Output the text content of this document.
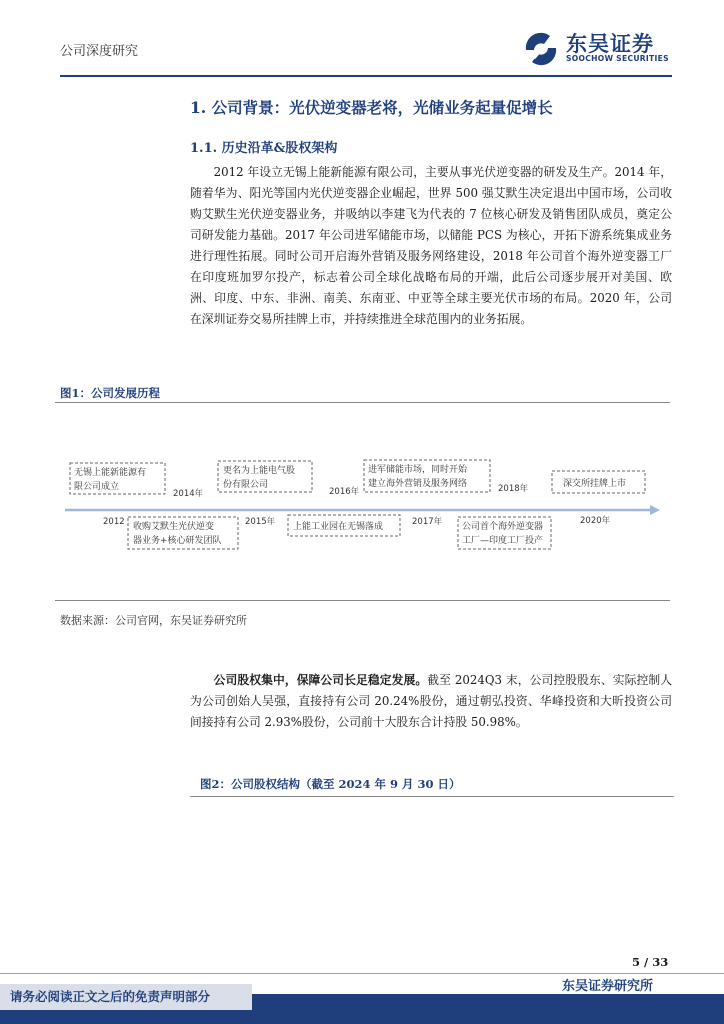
公司深度研究	东吴证券
SOOCHOW SECURITIES
1. 公司背景：光伏逆变器老将，光储业务起量促增长
1.1. 历史沿革&股权架构

2012 年设立无锡上能新能源有限公司，主要从事光伏逆变器的研发及生产。2014 年，随着华为、阳光等国内光伏逆变器企业崛起，世界 500 强艾默生决定退出中国市场，公司收购艾默生光伏逆变器业务，并吸纳以李建飞为代表的 7 位核心研发及销售团队成员，奠定公司研发能力基础。2017 年公司进军储能市场，以储能 PCS 为核心，开拓下游系统集成业务进行理性拓展。同时公司开启海外营销及服务网络建设，2018 年公司首个海外逆变器工厂在印度班加罗尔投产，标志着公司全球化战略布局的开端，此后公司逐步展开对美国、欧洲、印度、中东、非洲、南美、东南亚、中亚等全球主要光伏市场的布局。2020 年，公司在深圳证券交易所挂牌上市，并持续推进全球范围内的业务拓展。

图1：公司发展历程
2012
2014年
2015年
2016年
2017年
2018年
2020年
无锡上能新能源有
限公司成立
更名为上能电气股
份有限公司
进军储能市场，同时开始
建立海外营销及服务网络	深交所挂牌上市
收购艾默生光伏逆变
器业务+核心研发团队
上能工业园在无锡落成	公司首个海外逆变器
工厂—印度工厂投产
数据来源：公司官网，东吴证券研究所

公司股权集中，保障公司长足稳定发展。截至 2024Q3 末，公司控股股东、实际控制人为公司创始人吴强，直接持有公司 20.24%股份，通过朝弘投资、华峰投资和大昕投资公司间接持有公司 2.93%股份，公司前十大股东合计持股 50.98%。

图2：公司股权结构（截至 2024 年 9 月 30 日）
5 / 33
东吴证券研究所
请务必阅读正文之后的免责声明部分
